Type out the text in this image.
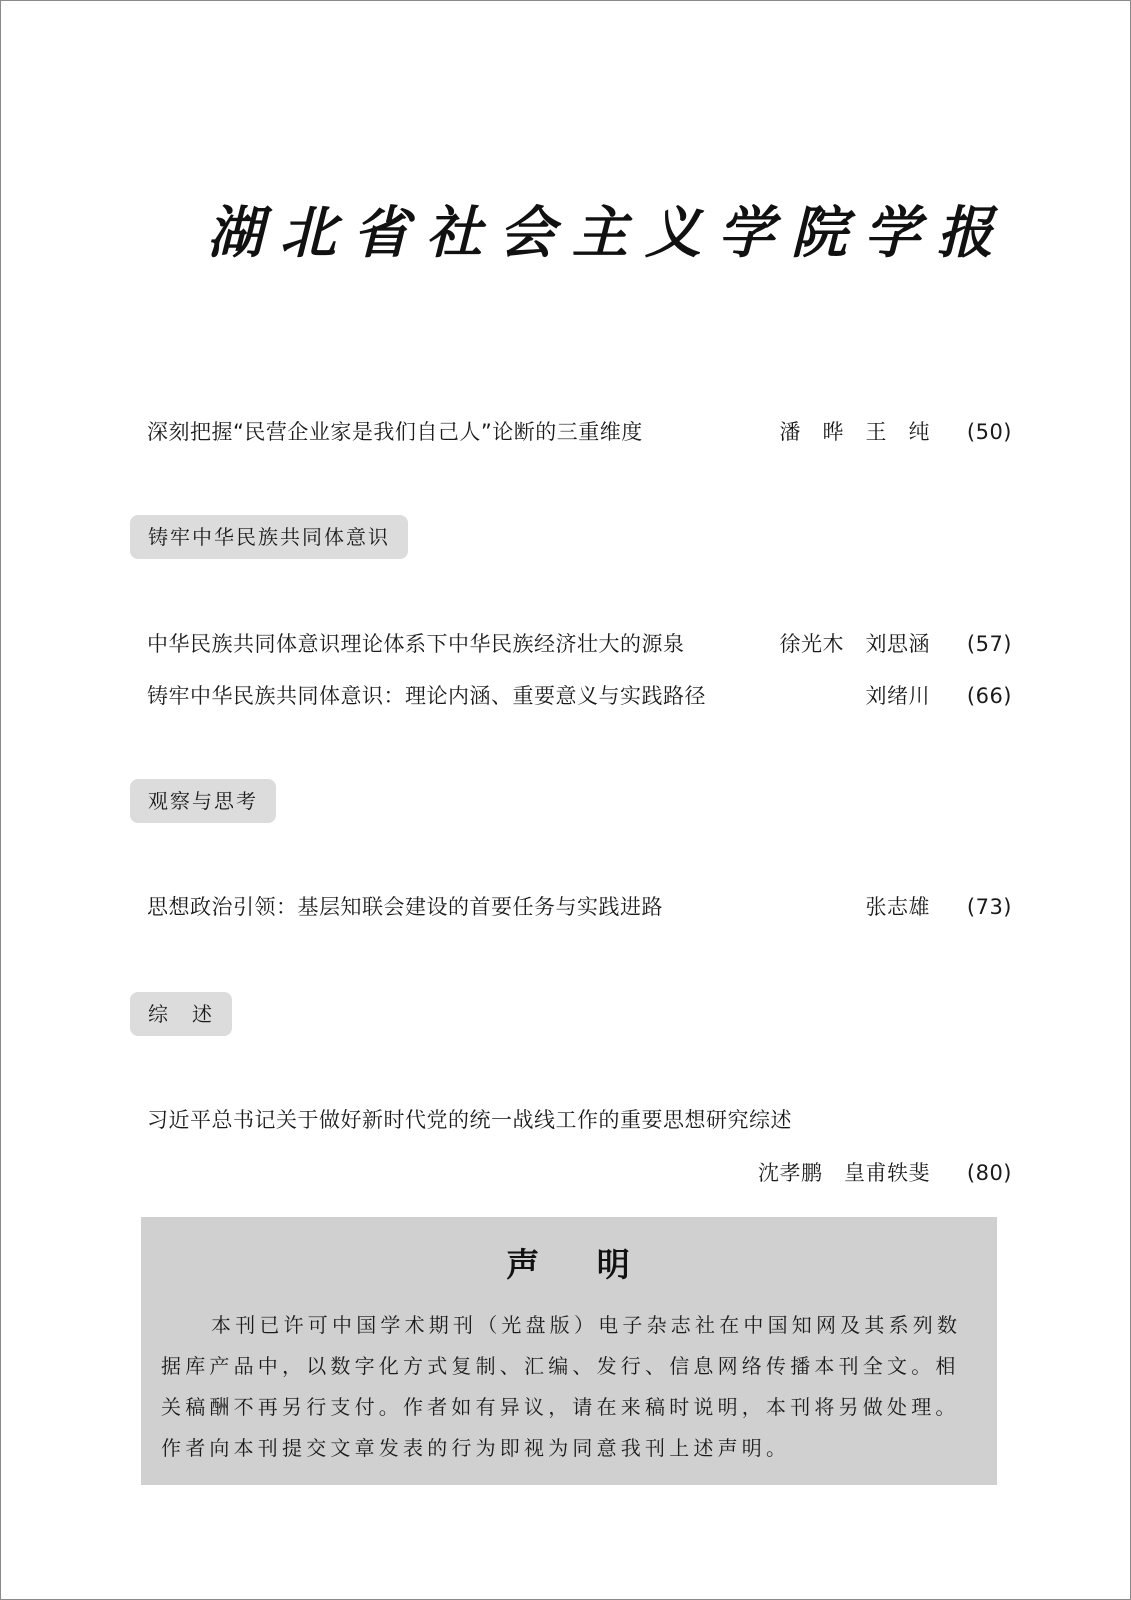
湖北省社会主义学院学报
深刻把握“民营企业家是我们自己人”论断的三重维度	潘　晔　王　纯 (50)
铸牢中华民族共同体意识
中华民族共同体意识理论体系下中华民族经济壮大的源泉	徐光木　刘思涵 (57)
铸牢中华民族共同体意识：理论内涵、重要意义与实践路径	刘绪川 (66)
观察与思考
思想政治引领：基层知联会建设的首要任务与实践进路	张志雄 (73)
综　述
习近平总书记关于做好新时代党的统一战线工作的重要思想研究综述
沈孝鹏　皇甫轶斐 (80)
声 明
本刊已许可中国学术期刊（光盘版）电子杂志社在中国知网及其系列数据库产品中，以数字化方式复制、汇编、发行、信息网络传播本刊全文。相关稿酬不再另行支付。作者如有异议，请在来稿时说明，本刊将另做处理。作者向本刊提交文章发表的行为即视为同意我刊上述声明。
